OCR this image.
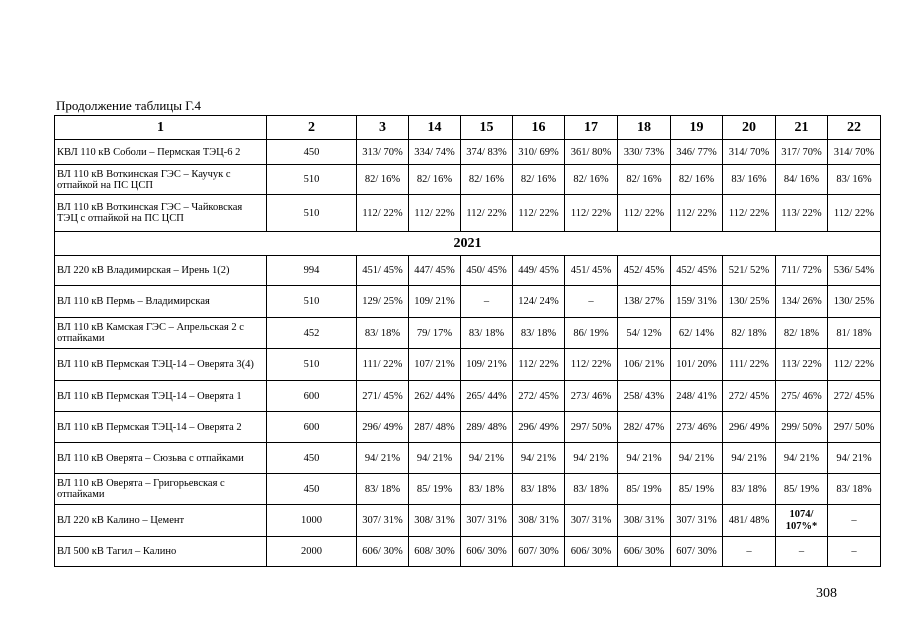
Продолжение таблицы Г.4
1	2	3	14	15	16	17	18	19	20	21	22
КВЛ 110 кВ Соболи – Пермская ТЭЦ-6 2	450	313/ 70%	334/ 74%	374/ 83%	310/ 69%	361/ 80%	330/ 73%	346/ 77%	314/ 70%	317/ 70%	314/ 70%
ВЛ 110 кВ Воткинская ГЭС – Каучук с отпайкой на ПС ЦСП	510	82/ 16%	82/ 16%	82/ 16%	82/ 16%	82/ 16%	82/ 16%	82/ 16%	83/ 16%	84/ 16%	83/ 16%
ВЛ 110 кВ Воткинская ГЭС – Чайковская ТЭЦ с отпайкой на ПС ЦСП	510	112/ 22%	112/ 22%	112/ 22%	112/ 22%	112/ 22%	112/ 22%	112/ 22%	112/ 22%	113/ 22%	112/ 22%
2021											
ВЛ 220 кВ Владимирская – Ирень 1(2)	994	451/ 45%	447/ 45%	450/ 45%	449/ 45%	451/ 45%	452/ 45%	452/ 45%	521/ 52%	711/ 72%	536/ 54%
ВЛ 110 кВ Пермь – Владимирская	510	129/ 25%	109/ 21%	–	124/ 24%	–	138/ 27%	159/ 31%	130/ 25%	134/ 26%	130/ 25%
ВЛ 110 кВ Камская ГЭС – Апрельская 2 с отпайками	452	83/ 18%	79/ 17%	83/ 18%	83/ 18%	86/ 19%	54/ 12%	62/ 14%	82/ 18%	82/ 18%	81/ 18%
ВЛ 110 кВ Пермская ТЭЦ-14 – Оверята 3(4)	510	111/ 22%	107/ 21%	109/ 21%	112/ 22%	112/ 22%	106/ 21%	101/ 20%	111/ 22%	113/ 22%	112/ 22%
ВЛ 110 кВ Пермская ТЭЦ-14 – Оверята 1	600	271/ 45%	262/ 44%	265/ 44%	272/ 45%	273/ 46%	258/ 43%	248/ 41%	272/ 45%	275/ 46%	272/ 45%
ВЛ 110 кВ Пермская ТЭЦ-14 – Оверята 2	600	296/ 49%	287/ 48%	289/ 48%	296/ 49%	297/ 50%	282/ 47%	273/ 46%	296/ 49%	299/ 50%	297/ 50%
ВЛ 110 кВ Оверята – Сюзьва с отпайками	450	94/ 21%	94/ 21%	94/ 21%	94/ 21%	94/ 21%	94/ 21%	94/ 21%	94/ 21%	94/ 21%	94/ 21%
ВЛ 110 кВ Оверята – Григорьевская с отпайками	450	83/ 18%	85/ 19%	83/ 18%	83/ 18%	83/ 18%	85/ 19%	85/ 19%	83/ 18%	85/ 19%	83/ 18%
ВЛ 220 кВ Калино – Цемент	1000	307/ 31%	308/ 31%	307/ 31%	308/ 31%	307/ 31%	308/ 31%	307/ 31%	481/ 48%	1074/ 107%*	–
ВЛ 500 кВ Тагил – Калино	2000	606/ 30%	608/ 30%	606/ 30%	607/ 30%	606/ 30%	606/ 30%	607/ 30%	–	–	–
308
